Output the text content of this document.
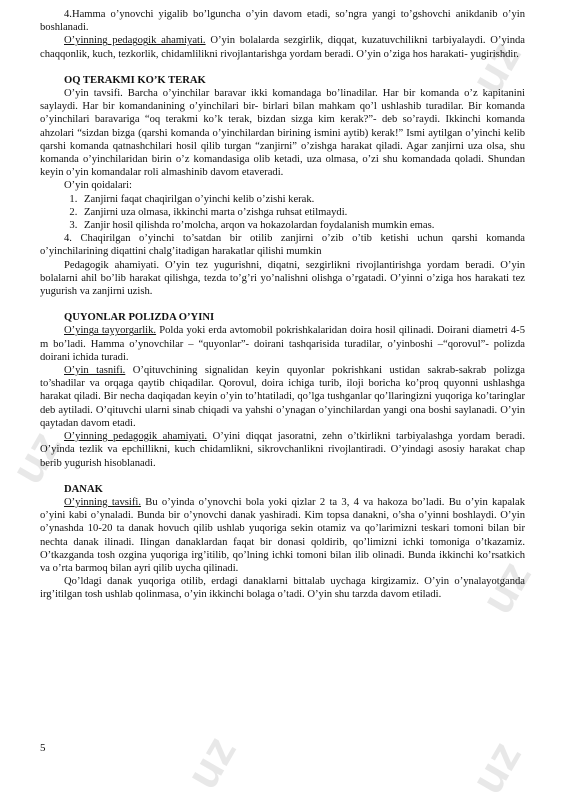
uz
uz
uz
uz	uz

4.Hamma o’ynovchi yigalib bo’lguncha o’yin davom etadi, so’ngra yangi to’gshovchi anikdanib o’yin boshlanadi.

O’yinning pedagogik ahamiyati. O’yin bolalarda sezgirlik, diqqat, kuzatuvchilikni tarbiyalaydi. O’yinda chaqqonlik, kuch, tezkorlik, chidamlilikni rivojlantarishga yordam beradi. O’yin o’ziga hos harakati- yugirishdir.

OQ TERAKMI KO’K TERAK

O’yin tavsifi. Barcha o’yinchilar baravar ikki komandaga bo’linadilar. Har bir komanda o’z kapitanini saylaydi. Har bir komandanining o’yinchilari bir- birlari bilan mahkam qo’l ushlashib turadilar. Bir komanda o’yinchilari baravariga “oq terakmi ko’k terak, bizdan sizga kim kerak?”- deb so’raydi. Ikkinchi komanda ahzolari “sizdan bizga (qarshi komanda o’yinchilardan birining ismini aytib) kerak!” Ismi aytilgan o’yinchi kelib qarshi komanda qatnashchilari hosil qilib turgan “zanjirni” o’zishga harakat qiladi. Agar zanjirni uza olsa, shu komanda o’yinchilaridan birin o’z komandasiga olib ketadi, uza olmasa, o’zi shu komandada qoladi. Shundan keyin o’yin komandalar roli almashinib davom etaveradi.

O’yin qoidalari:

1. Zanjirni faqat chaqirilgan o’yinchi kelib o’zishi kerak.
2. Zanjirni uza olmasa, ikkinchi marta o’zishga ruhsat etilmaydi.
3. Zanjir hosil qilishda ro’molcha, arqon va hokazolardan foydalanish mumkin emas.

4. Chaqirilgan o’yinchi to’satdan bir otilib zanjirni o’zib o’tib ketishi uchun qarshi komanda o’yinchilarining diqattini chalg’itadigan harakatlar qilishi mumkin

Pedagogik ahamiyati. O’yin tez yugurishni, diqatni, sezgirlikni rivojlantirishga yordam beradi. O’yin bolalarni ahil bo’lib harakat qilishga, tezda to’g’ri yo’nalishni olishga o’rgatadi. O’yinni o’ziga hos harakati tez yugurish va zanjirni uzish.

QUYONLAR POLIZDA O’YINI

O’yinga tayyorgarlik. Polda yoki erda avtomobil pokrishkalaridan doira hosil qilinadi. Doirani diametri 4-5 m bo’ladi. Hamma o’ynovchilar – “quyonlar”- doirani tashqarisida turadilar, o’yinboshi –“qorovul”- polizda doirani ichida turadi.

O’yin tasnifi. O’qituvchining signalidan keyin quyonlar pokrishkani ustidan sakrab-sakrab polizga to’shadilar va orqaga qaytib chiqadilar. Qorovul, doira ichiga turib, iloji boricha ko’proq quyonni ushlashga harakat qiladi. Bir necha daqiqadan keyin o’yin to’htatiladi, qo’lga tushganlar qo’llaringizni yuqoriga ko’taringlar deb aytiladi. O’qituvchi ularni sinab chiqadi va yahshi o’ynagan o’yinchilardan yangi ona boshi saylanadi. O’yin qaytadan davom etadi.

O’yinning pedagogik ahamiyati. O’yini diqqat jasoratni, zehn o’tkirlikni tarbiyalashga yordam beradi. O’yinda tezlik va epchillikni, kuch chidamlikni, sikrovchanlikni rivojlantiradi. O’yindagi asosiy harakat chap berib yugurish hisoblanadi.

DANAK

O’yinning tavsifi. Bu o’yinda o’ynovchi bola yoki qizlar 2 ta 3, 4 va hakoza bo’ladi. Bu o’yin kapalak o’yini kabi o’ynaladi. Bunda bir o’ynovchi danak yashiradi. Kim topsa danakni, o’sha o’yinni boshlaydi. O’yin o’ynashda 10-20 ta danak hovuch qilib ushlab yuqoriga sekin otamiz va qo’larimizni teskari tomoni bilan bir nechta danak ilinadi. Ilingan danaklardan faqat bir donasi qoldirib, qo’limizni ichki tomoniga o’tkazamiz. O’tkazganda tosh ozgina yuqoriga irg’itilib, qo’lning ichki tomoni bilan ilib olinadi. Bunda ikkinchi ko’rsatkich va o’rta barmoq bilan ayri qilib uycha qilinadi.

Qo’ldagi danak yuqoriga otilib, erdagi danaklarni bittalab uychaga kirgizamiz. O’yin o’ynalayotganda irg’itilgan tosh ushlab qolinmasa, o’yin ikkinchi bolaga o’tadi. O’yin shu tarzda davom etiladi.

5
